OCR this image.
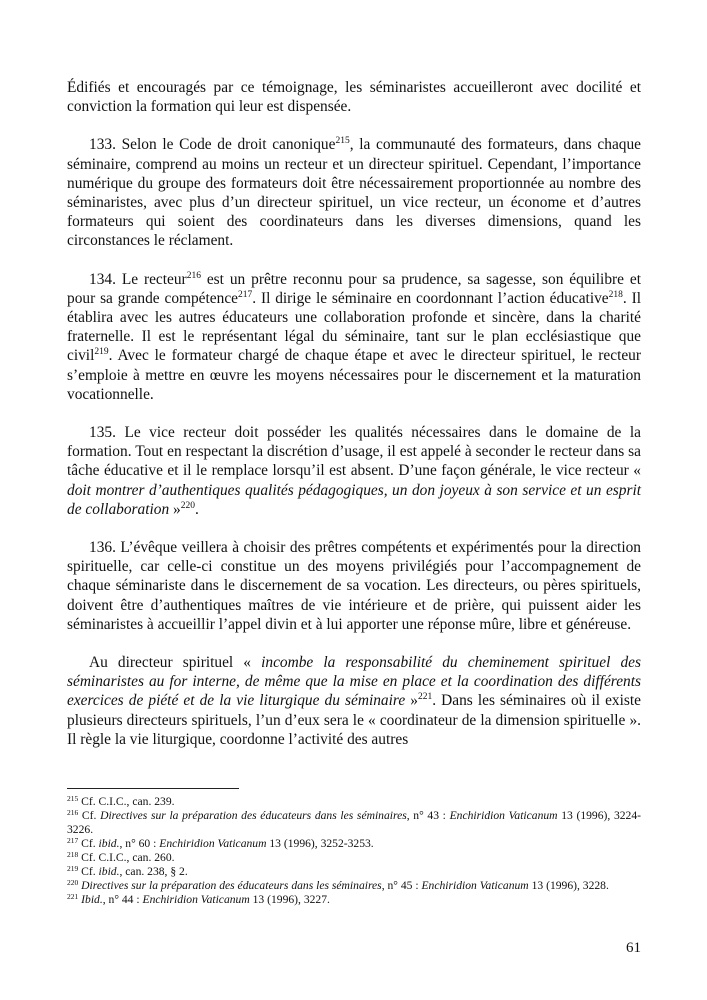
Édifiés et encouragés par ce témoignage, les séminaristes accueilleront avec docilité et conviction la formation qui leur est dispensée.

133. Selon le Code de droit canonique$^{215}$, la communauté des formateurs, dans chaque séminaire, comprend au moins un recteur et un directeur spirituel. Cependant, l’importance numérique du groupe des formateurs doit être nécessairement proportionnée au nombre des séminaristes, avec plus d’un directeur spirituel, un vice recteur, un économe et d’autres formateurs qui soient des coordinateurs dans les diverses dimensions, quand les circonstances le réclament.

134. Le recteur$^{216}$ est un prêtre reconnu pour sa prudence, sa sagesse, son équilibre et pour sa grande compétence$^{217}$. Il dirige le séminaire en coordonnant l’action éducative$^{218}$. Il établira avec les autres éducateurs une collaboration profonde et sincère, dans la charité fraternelle. Il est le représentant légal du séminaire, tant sur le plan ecclésiastique que civil$^{219}$. Avec le formateur chargé de chaque étape et avec le directeur spirituel, le recteur s’emploie à mettre en œuvre les moyens nécessaires pour le discernement et la maturation vocationnelle.

135. Le vice recteur doit posséder les qualités nécessaires dans le domaine de la formation. Tout en respectant la discrétion d’usage, il est appelé à seconder le recteur dans sa tâche éducative et il le remplace lorsqu’il est absent. D’une façon générale, le vice recteur « doit montrer d’authentiques qualités pédagogiques, un don joyeux à son service et un esprit de collaboration »$^{220}$.

136. L’évêque veillera à choisir des prêtres compétents et expérimentés pour la direction spirituelle, car celle-ci constitue un des moyens privilégiés pour l’accompagnement de chaque séminariste dans le discernement de sa vocation. Les directeurs, ou pères spirituels, doivent être d’authentiques maîtres de vie intérieure et de prière, qui puissent aider les séminaristes à accueillir l’appel divin et à lui apporter une réponse mûre, libre et généreuse.

Au directeur spirituel « incombe la responsabilité du cheminement spirituel des séminaristes au for interne, de même que la mise en place et la coordination des différents exercices de piété et de la vie liturgique du séminaire »$^{221}$. Dans les séminaires où il existe plusieurs directeurs spirituels, l’un d’eux sera le « coordinateur de la dimension spirituelle ». Il règle la vie liturgique, coordonne l’activité des autres

$^{215}$ Cf. C.I.C., can. 239.

$^{216}$ Cf. Directives sur la préparation des éducateurs dans les séminaires, n° 43 : Enchiridion Vaticanum 13 (1996), 3224-3226.

$^{217}$ Cf. ibid., n° 60 : Enchiridion Vaticanum 13 (1996), 3252-3253.

$^{218}$ Cf. C.I.C., can. 260.

$^{219}$ Cf. ibid., can. 238, § 2.

$^{220}$ Directives sur la préparation des éducateurs dans les séminaires, n° 45 : Enchiridion Vaticanum 13 (1996), 3228.

$^{221}$ Ibid., n° 44 : Enchiridion Vaticanum 13 (1996), 3227.

61
